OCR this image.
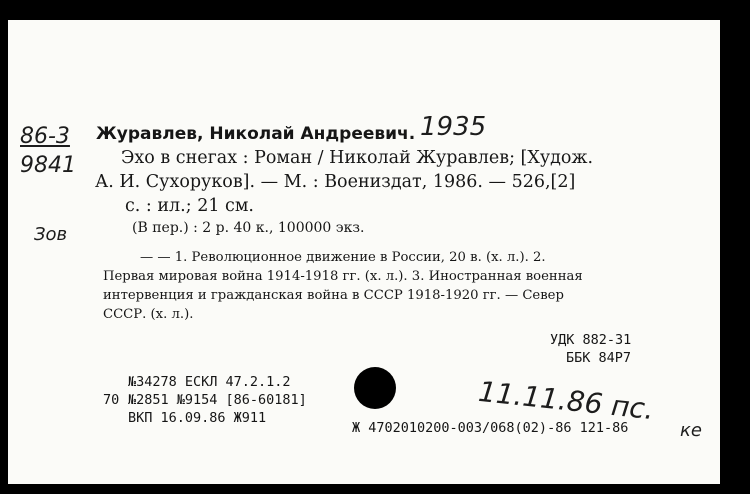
86-3
9841
Зов
1935
Журавлев, Николай Андреевич.
Эхо в снегах : Роман / Николай Журавлев; [Худож.
А. И. Сухоруков]. — М. : Воениздат, 1986. — 526,[2]
с. : ил.; 21 см.
(В пер.) : 2 р. 40 к., 100000 экз.
— — 1. Революционное движение в России, 20 в. (х. л.). 2.
Первая мировая война 1914-1918 гг. (х. л.). 3. Иностранная военная
интервенция и гражданская война в СССР 1918-1920 гг. — Север
СССР. (х. л.).
УДК 882-31
ББК 84Р7
№34278 ЕСКЛ 47.2.1.2
70 №2851 №9154 [86-60181]
ВКП 16.09.86 Ж911	11.11.86 пс.
ке
Ж 4702010200-003/068(02)-86 121-86
